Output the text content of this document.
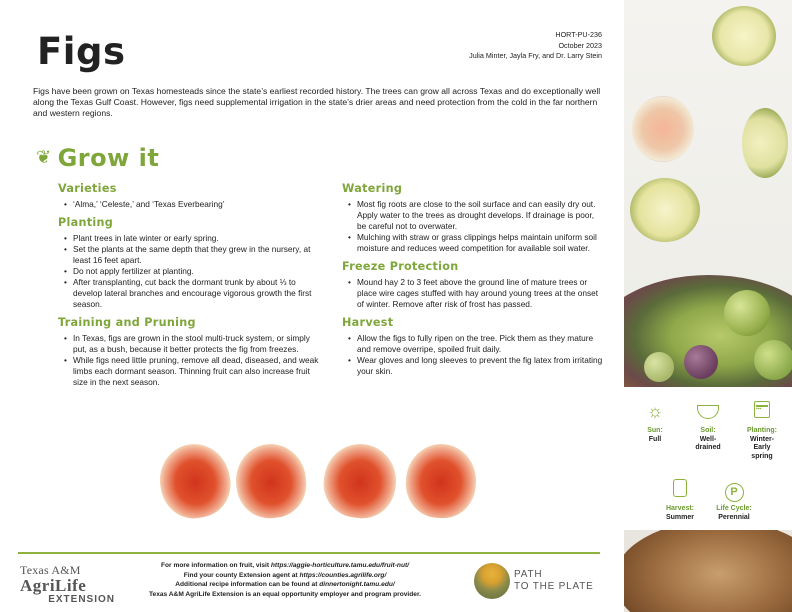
☼
Sun:
Full
Soil:
Well-drained
▪▪▪
Planting:
Winter-Early spring
Harvest:
Summer
P
Life Cycle:
Perennial
Figs	HORT-PU-236
October 2023
Julia Minter, Jayla Fry, and Dr. Larry Stein

Figs have been grown on Texas homesteads since the state’s earliest recorded history. The trees can grow all across Texas and do exceptionally well along the Texas Gulf Coast. However, figs need supplemental irrigation in the state’s drier areas and need protection from the cold in the far northern and western regions.

❦ Grow it
Varieties
• ‘Alma,’ ‘Celeste,’ and ‘Texas Everbearing’
Planting
• Plant trees in late winter or early spring.
• Set the plants at the same depth that they grew in the nursery, at least 16 feet apart.
• Do not apply fertilizer at planting.
• After transplanting, cut back the dormant trunk by about ⅓ to develop lateral branches and encourage vigorous growth the first season.
Training and Pruning
• In Texas, figs are grown in the stool multi-truck system, or simply put, as a bush, because it better protects the fig from freezes.
• While figs need little pruning, remove all dead, diseased, and weak limbs each dormant season. Thinning fruit can also increase fruit size in the next season.
Watering
• Most fig roots are close to the soil surface and can easily dry out. Apply water to the trees as drought develops. If drainage is poor, be careful not to overwater.
• Mulching with straw or grass clippings helps maintain uniform soil moisture and reduces weed competition for available soil water.
Freeze Protection
• Mound hay 2 to 3 feet above the ground line of mature trees or place wire cages stuffed with hay around young trees at the onset of winter. Remove after risk of frost has passed.
Harvest
• Allow the figs to fully ripen on the tree. Pick them as they mature and remove overripe, spoiled fruit daily.
• Wear gloves and long sleeves to prevent the fig latex from irritating your skin.
Texas A&M
AgriLife
EXTENSION
For more information on fruit, visit https://aggie-horticulture.tamu.edu/fruit-nut/
Find your county Extension agent at https://counties.agrilife.org/
Additional recipe information can be found at dinnertonight.tamu.edu/
Texas A&M AgriLife Extension is an equal opportunity employer and program provider.
PATH
TO THE PLATE
